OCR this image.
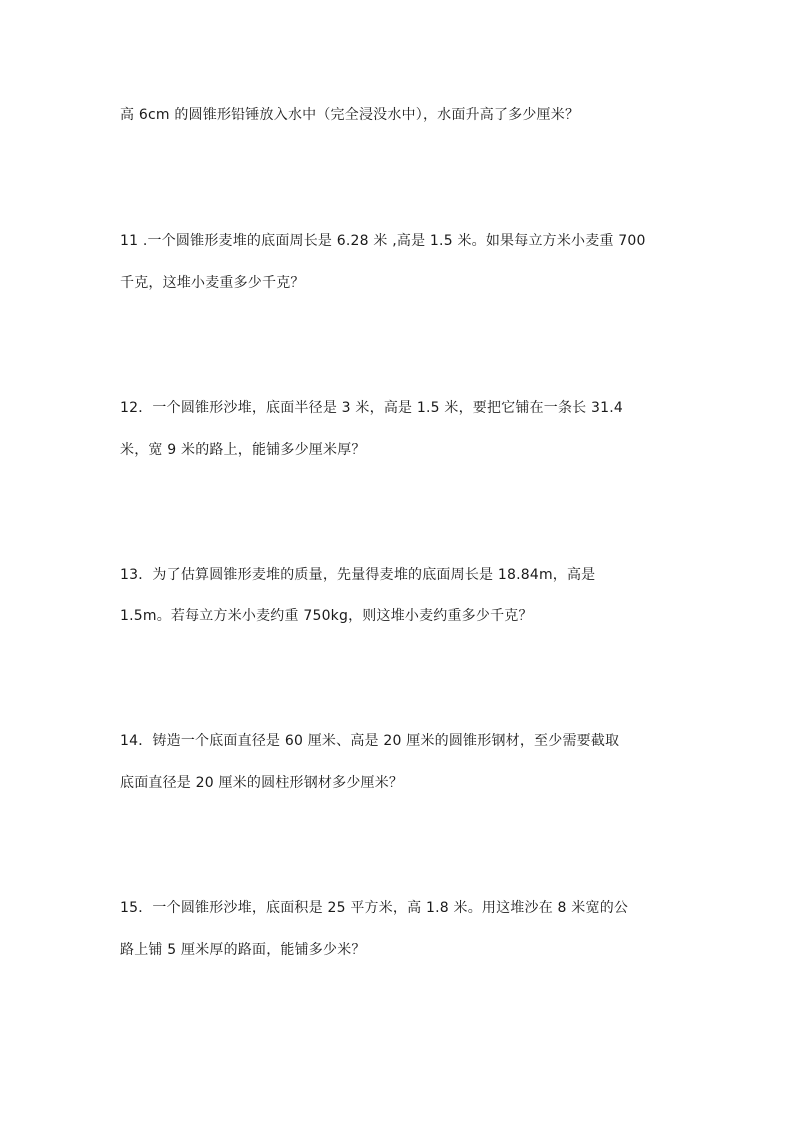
高 6cm 的圆锥形铅锤放入水中（完全浸没水中），水面升高了多少厘米？
11 .一个圆锥形麦堆的底面周长是 6.28 米 ,高是 1.5 米。如果每立方米小麦重 700
千克，这堆小麦重多少千克？
12．一个圆锥形沙堆，底面半径是 3 米，高是 1.5 米，要把它铺在一条长 31.4
米，宽 9 米的路上，能铺多少厘米厚？
13．为了估算圆锥形麦堆的质量，先量得麦堆的底面周长是 18.84m，高是
1.5m。若每立方米小麦约重 750kg，则这堆小麦约重多少千克？
14．铸造一个底面直径是 60 厘米、高是 20 厘米的圆锥形钢材，至少需要截取
底面直径是 20 厘米的圆柱形钢材多少厘米？
15．一个圆锥形沙堆，底面积是 25 平方米，高 1.8 米。用这堆沙在 8 米宽的公
路上铺 5 厘米厚的路面，能铺多少米？
